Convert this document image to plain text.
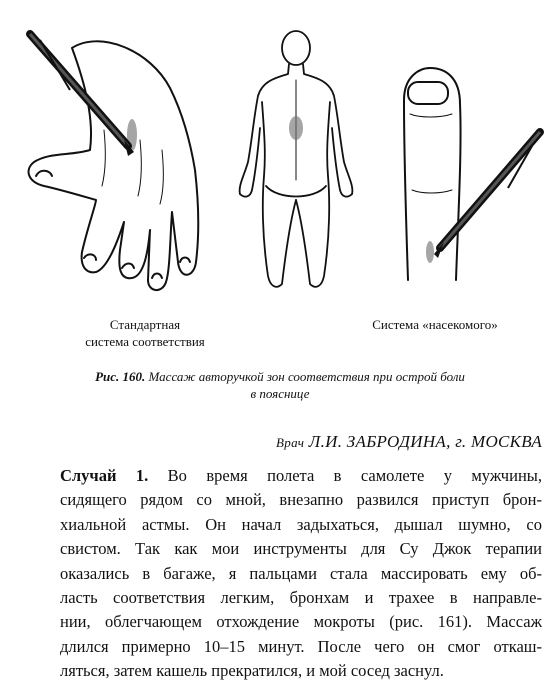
Стандартная
система соответствия
Система «насекомого»
Рис. 160. Массаж авторучкой зон соответствия при острой боли
в пояснице
Врач Л.И. ЗАБРОДИНА, г. МОСКВА
Случай 1. Во время полета в самолете у мужчины,
сидящего рядом со мной, внезапно развился приступ брон-
хиальной астмы. Он начал задыхаться, дышал шумно, со
свистом. Так как мои инструменты для Су Джок терапии
оказались в багаже, я пальцами стала массировать ему об-
ласть соответствия легким, бронхам и трахее в направле-
нии, облегчающем отхождение мокроты (рис. 161). Массаж
длился примерно 10–15 минут. После чего он смог откаш-
ляться, затем кашель прекратился, и мой сосед заснул.
